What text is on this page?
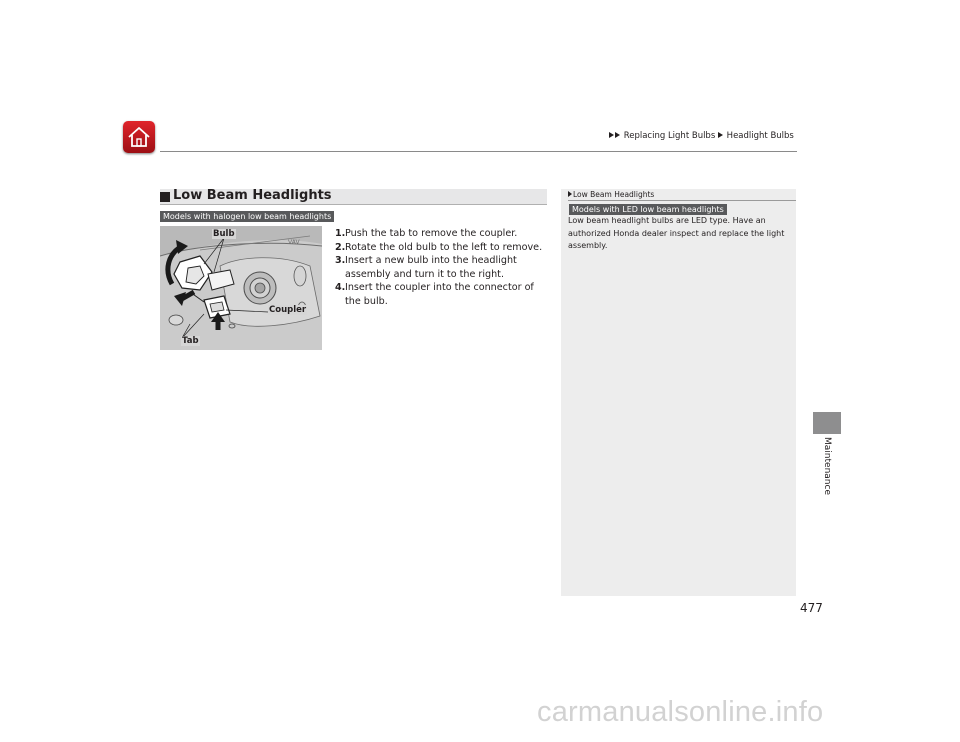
Replacing Light Bulbs Headlight Bulbs
Low Beam Headlights
Models with halogen low beam headlights
VAV
Bulb
Coupler
Tab
1. Push the tab to remove the coupler.
2. Rotate the old bulb to the left to remove.
3. Insert a new bulb into the headlight assembly and turn it to the right.
4. Insert the coupler into the connector of the bulb.
Low Beam Headlights
Models with LED low beam headlights
Low beam headlight bulbs are LED type. Have an authorized Honda dealer inspect and replace the light assembly.
Maintenance
477
carmanualsonline.info
